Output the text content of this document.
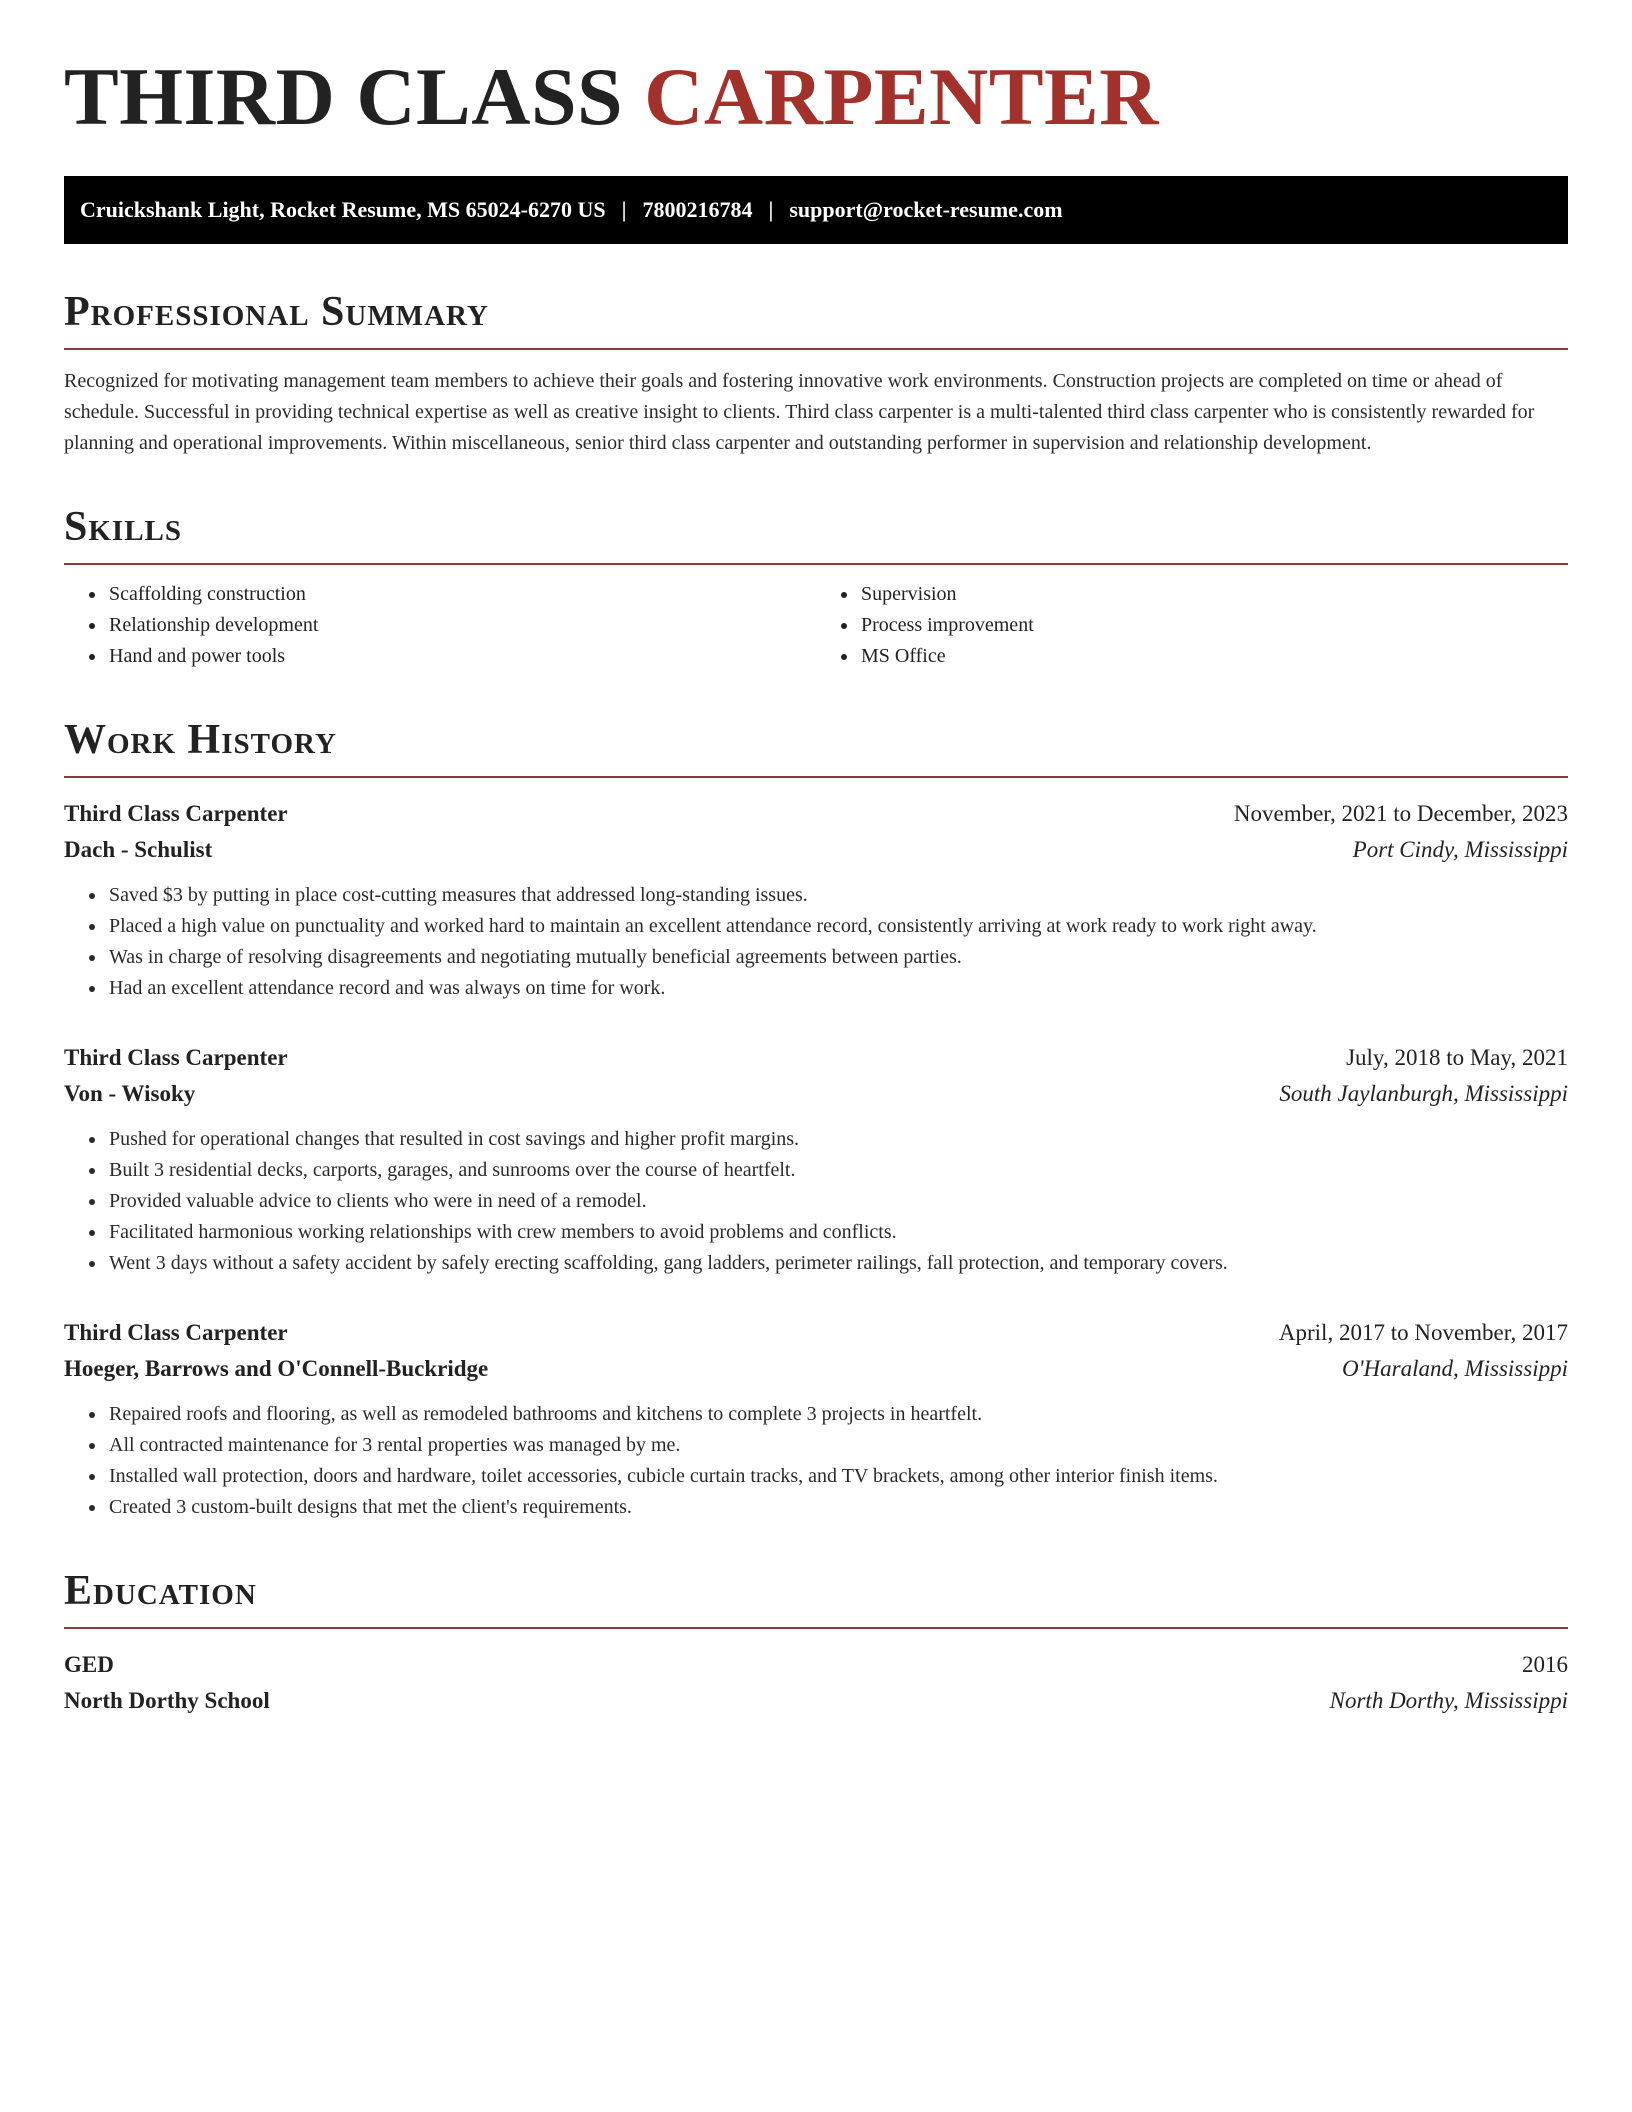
THIRD CLASS CARPENTER
Cruickshank Light, Rocket Resume, MS 65024-6270 US | 7800216784 | support@rocket-resume.com
Professional Summary

Recognized for motivating management team members to achieve their goals and fostering innovative work environments. Construction projects are completed on time or ahead of schedule. Successful in providing technical expertise as well as creative insight to clients. Third class carpenter is a multi-talented third class carpenter who is consistently rewarded for planning and operational improvements. Within miscellaneous, senior third class carpenter and outstanding performer in supervision and relationship development.

Skills
• Scaffolding construction
• Relationship development
• Hand and power tools
• Supervision
• Process improvement
• MS Office
Work History
Third Class Carpenter	November, 2021 to December, 2023
Dach - Schulist	Port Cindy, Mississippi
• Saved $3 by putting in place cost-cutting measures that addressed long-standing issues.
• Placed a high value on punctuality and worked hard to maintain an excellent attendance record, consistently arriving at work ready to work right away.
• Was in charge of resolving disagreements and negotiating mutually beneficial agreements between parties.
• Had an excellent attendance record and was always on time for work.
Third Class Carpenter	July, 2018 to May, 2021
Von - Wisoky	South Jaylanburgh, Mississippi
• Pushed for operational changes that resulted in cost savings and higher profit margins.
• Built 3 residential decks, carports, garages, and sunrooms over the course of heartfelt.
• Provided valuable advice to clients who were in need of a remodel.
• Facilitated harmonious working relationships with crew members to avoid problems and conflicts.
• Went 3 days without a safety accident by safely erecting scaffolding, gang ladders, perimeter railings, fall protection, and temporary covers.
Third Class Carpenter	April, 2017 to November, 2017
Hoeger, Barrows and O'Connell-Buckridge	O'Haraland, Mississippi
• Repaired roofs and flooring, as well as remodeled bathrooms and kitchens to complete 3 projects in heartfelt.
• All contracted maintenance for 3 rental properties was managed by me.
• Installed wall protection, doors and hardware, toilet accessories, cubicle curtain tracks, and TV brackets, among other interior finish items.
• Created 3 custom-built designs that met the client's requirements.
Education
GED	2016
North Dorthy School	North Dorthy, Mississippi
